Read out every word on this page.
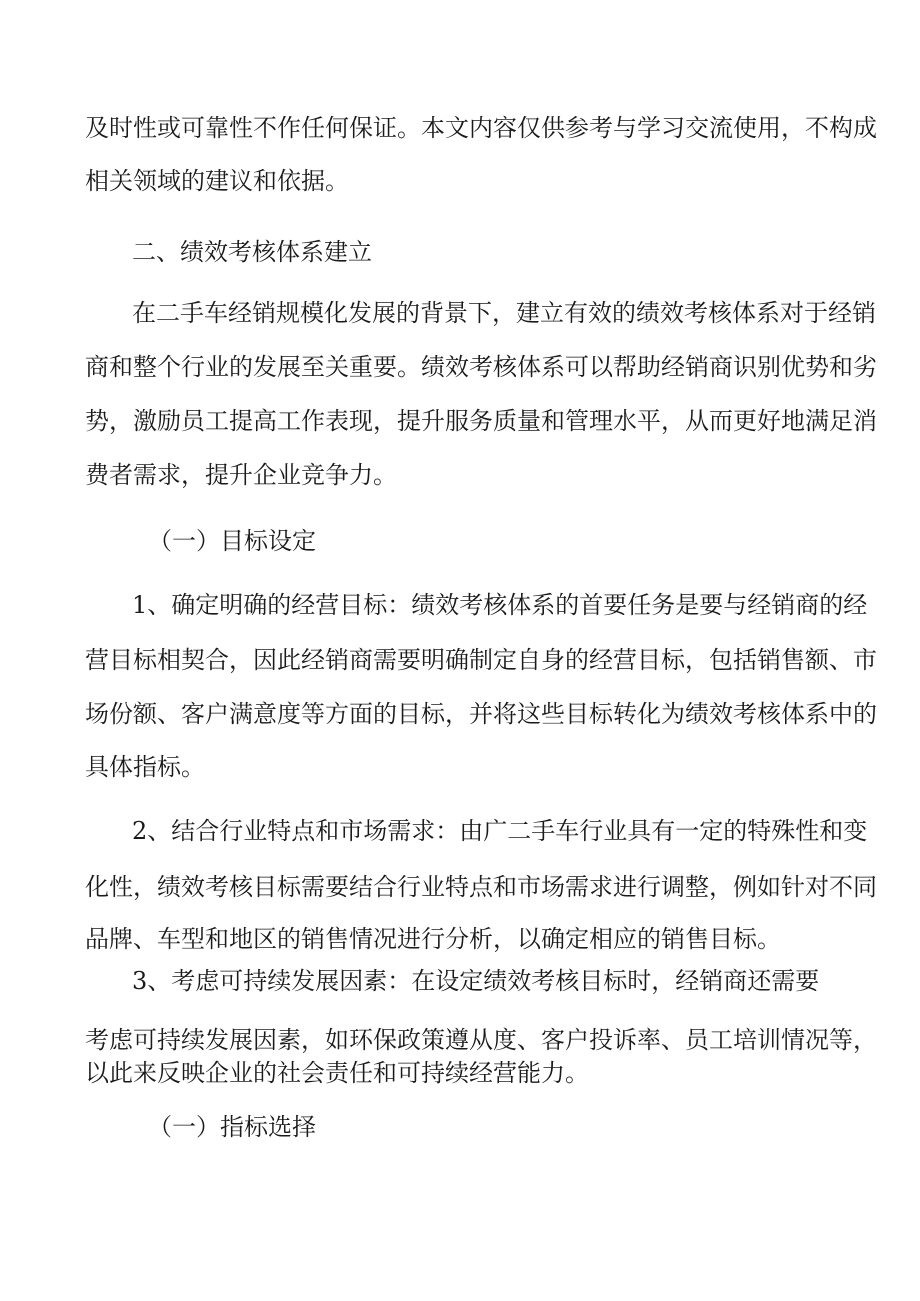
及时性或可靠性不作任何保证。本文内容仅供参考与学习交流使用，不构成
相关领域的建议和依据。
二、绩效考核体系建立
在二手车经销规模化发展的背景下，建立有效的绩效考核体系对于经销
商和整个行业的发展至关重要。绩效考核体系可以帮助经销商识别优势和劣
势，激励员工提高工作表现，提升服务质量和管理水平，从而更好地满足消
费者需求，提升企业竞争力。
（一）目标设定
1、确定明确的经营目标：绩效考核体系的首要任务是要与经销商的经
营目标相契合，因此经销商需要明确制定自身的经营目标，包括销售额、市
场份额、客户满意度等方面的目标，并将这些目标转化为绩效考核体系中的
具体指标。
2、结合行业特点和市场需求：由广二手车行业具有一定的特殊性和变
化性，绩效考核目标需要结合行业特点和市场需求进行调整，例如针对不同
品牌、车型和地区的销售情况进行分析，以确定相应的销售目标。
3、考虑可持续发展因素：在设定绩效考核目标时，经销商还需要
考虑可持续发展因素，如环保政策遵从度、客户投诉率、员工培训情况等，
以此来反映企业的社会责任和可持续经营能力。
（一）指标选择
